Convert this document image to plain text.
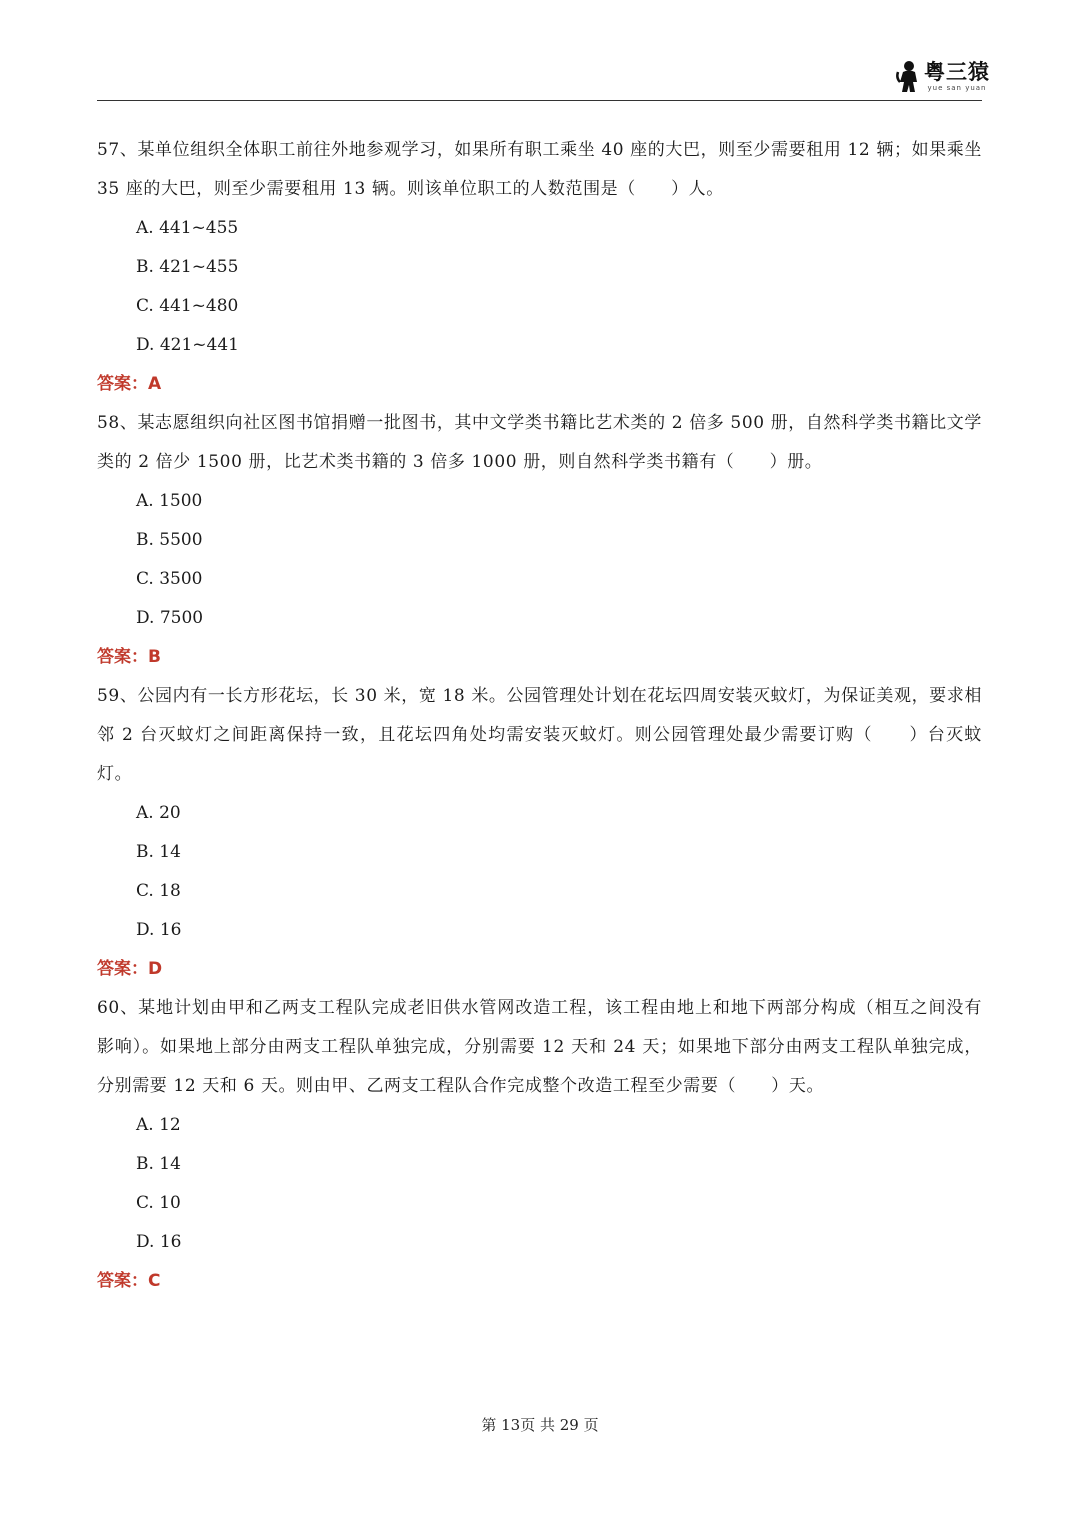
粤三猿
yue san yuan

57、某单位组织全体职工前往外地参观学习，如果所有职工乘坐 40 座的大巴，则至少需要租用 12 辆；如果乘坐 35 座的大巴，则至少需要租用 13 辆。则该单位职工的人数范围是（　　）人。

A. 441~455

B. 421~455

C. 441~480

D. 421~441

答案：A

58、某志愿组织向社区图书馆捐赠一批图书，其中文学类书籍比艺术类的 2 倍多 500 册，自然科学类书籍比文学类的 2 倍少 1500 册，比艺术类书籍的 3 倍多 1000 册，则自然科学类书籍有（　　）册。

A. 1500

B. 5500

C. 3500

D. 7500

答案：B

59、公园内有一长方形花坛，长 30 米，宽 18 米。公园管理处计划在花坛四周安装灭蚊灯，为保证美观，要求相邻 2 台灭蚊灯之间距离保持一致，且花坛四角处均需安装灭蚊灯。则公园管理处最少需要订购（　　）台灭蚊灯。

A. 20

B. 14

C. 18

D. 16

答案：D

60、某地计划由甲和乙两支工程队完成老旧供水管网改造工程，该工程由地上和地下两部分构成（相互之间没有影响）。如果地上部分由两支工程队单独完成，分别需要 12 天和 24 天；如果地下部分由两支工程队单独完成，分别需要 12 天和 6 天。则由甲、乙两支工程队合作完成整个改造工程至少需要（　　）天。

A. 12

B. 14

C. 10

D. 16

答案：C

第 13页 共 29 页
